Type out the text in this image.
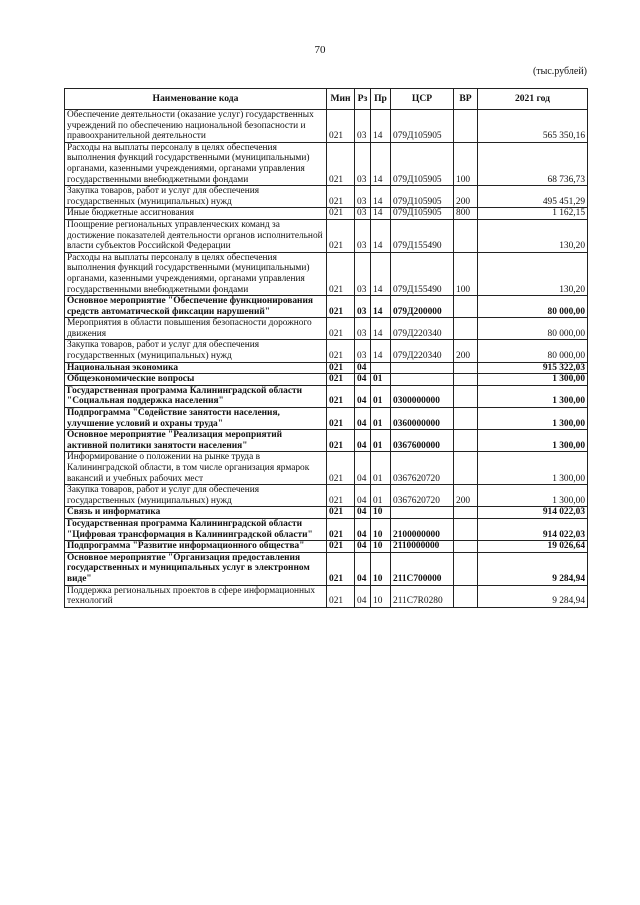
70
(тыс.рублей)
Наименование кода	Мин	Рз	Пр	ЦСР	ВР	2021 год
Обеспечение деятельности (оказание услуг) государственных учреждений по обеспечению национальной безопасности и правоохранительной деятельности	021	03	14	079Д105905		565 350,16
Расходы на выплаты персоналу в целях обеспечения выполнения функций государственными (муниципальными) органами, казенными учреждениями, органами управления государственными внебюджетными фондами	021	03	14	079Д105905	100	68 736,73
Закупка товаров, работ и услуг для обеспечения государственных (муниципальных) нужд	021	03	14	079Д105905	200	495 451,29
Иные бюджетные ассигнования	021	03	14	079Д105905	800	1 162,15
Поощрение региональных управленческих команд за достижение показателей деятельности органов исполнительной власти субъектов Российской Федерации	021	03	14	079Д155490		130,20
Расходы на выплаты персоналу в целях обеспечения выполнения функций государственными (муниципальными) органами, казенными учреждениями, органами управления государственными внебюджетными фондами	021	03	14	079Д155490	100	130,20
Основное мероприятие "Обеспечение функционирования средств автоматической фиксации нарушений"	021	03	14	079Д200000		80 000,00
Мероприятия в области повышения безопасности дорожного движения	021	03	14	079Д220340		80 000,00
Закупка товаров, работ и услуг для обеспечения государственных (муниципальных) нужд	021	03	14	079Д220340	200	80 000,00
Национальная экономика	021	04				915 322,03
Общеэкономические вопросы	021	04	01			1 300,00
Государственная программа Калининградской области "Социальная поддержка населения"	021	04	01	0300000000		1 300,00
Подпрограмма "Содействие занятости населения, улучшение условий и охраны труда"	021	04	01	0360000000		1 300,00
Основное мероприятие "Реализация мероприятий активной политики занятости населения"	021	04	01	0367600000		1 300,00
Информирование о положении на рынке труда в Калининградской области, в том числе организация ярмарок вакансий и учебных рабочих мест	021	04	01	0367620720		1 300,00
Закупка товаров, работ и услуг для обеспечения государственных (муниципальных) нужд	021	04	01	0367620720	200	1 300,00
Связь и информатика	021	04	10			914 022,03
Государственная программа Калининградской области "Цифровая трансформация в Калининградской области"	021	04	10	2100000000		914 022,03
Подпрограмма "Развитие информационного общества"	021	04	10	2110000000		19 026,64
Основное мероприятие "Организация предоставления государственных и муниципальных услуг в электронном виде"	021	04	10	211С700000		9 284,94
Поддержка региональных проектов в сфере информационных технологий	021	04	10	211С7R0280		9 284,94
